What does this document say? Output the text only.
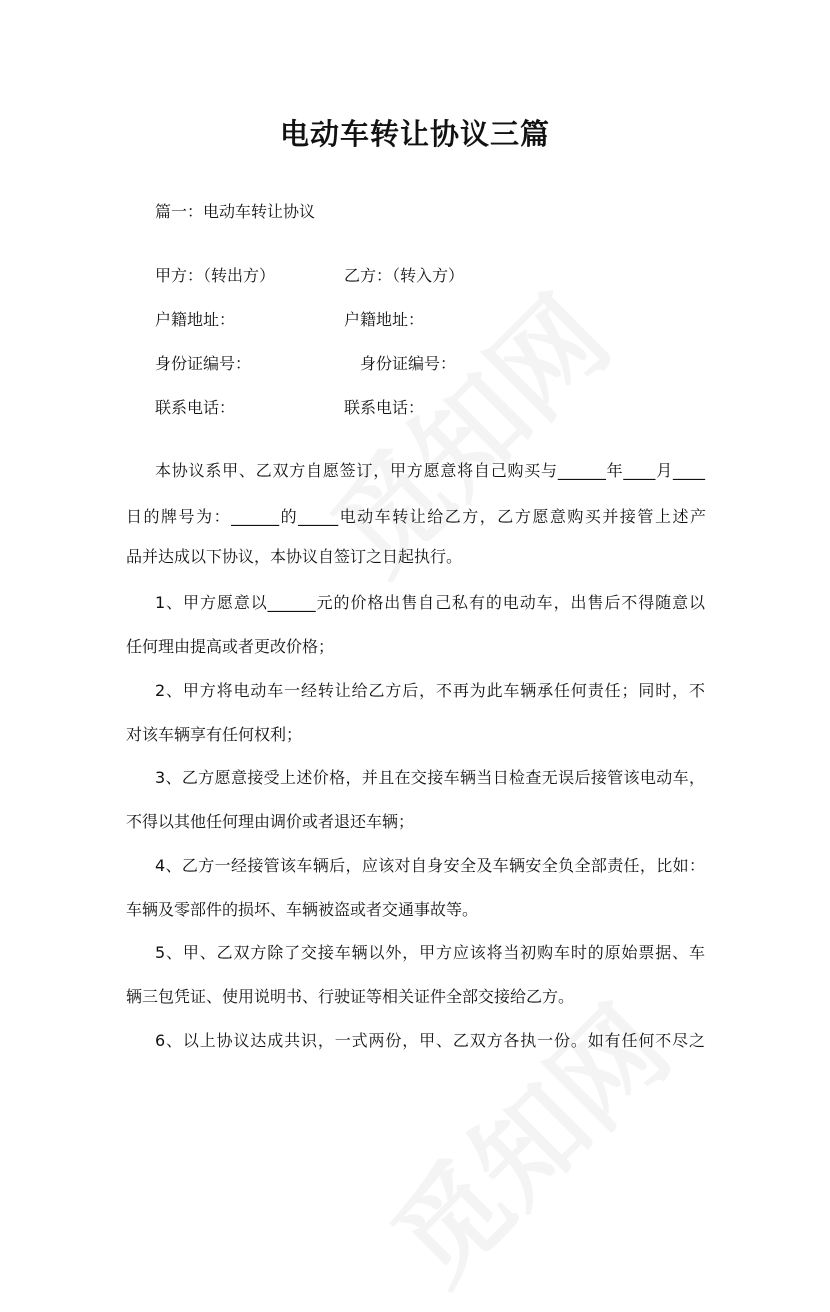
电动车转让协议三篇
篇一：电动车转让协议
甲方：（转出方）	乙方：（转入方）
户籍地址：	户籍地址：
身份证编号：	身份证编号：
联系电话：	联系电话：
本协议系甲、乙双方自愿签订，甲方愿意将自己购买与______年____月____
日的牌号为：______的_____电动车转让给乙方，乙方愿意购买并接管上述产
品并达成以下协议，本协议自签订之日起执行。
1、甲方愿意以______元的价格出售自己私有的电动车，出售后不得随意以
任何理由提高或者更改价格；
2、甲方将电动车一经转让给乙方后，不再为此车辆承任何责任；同时，不
对该车辆享有任何权利；
3、乙方愿意接受上述价格，并且在交接车辆当日检查无误后接管该电动车，
不得以其他任何理由调价或者退还车辆；
4、乙方一经接管该车辆后，应该对自身安全及车辆安全负全部责任，比如：
车辆及零部件的损坏、车辆被盗或者交通事故等。
5、甲、乙双方除了交接车辆以外，甲方应该将当初购车时的原始票据、车
辆三包凭证、使用说明书、行驶证等相关证件全部交接给乙方。
6、以上协议达成共识，一式两份，甲、乙双方各执一份。如有任何不尽之
